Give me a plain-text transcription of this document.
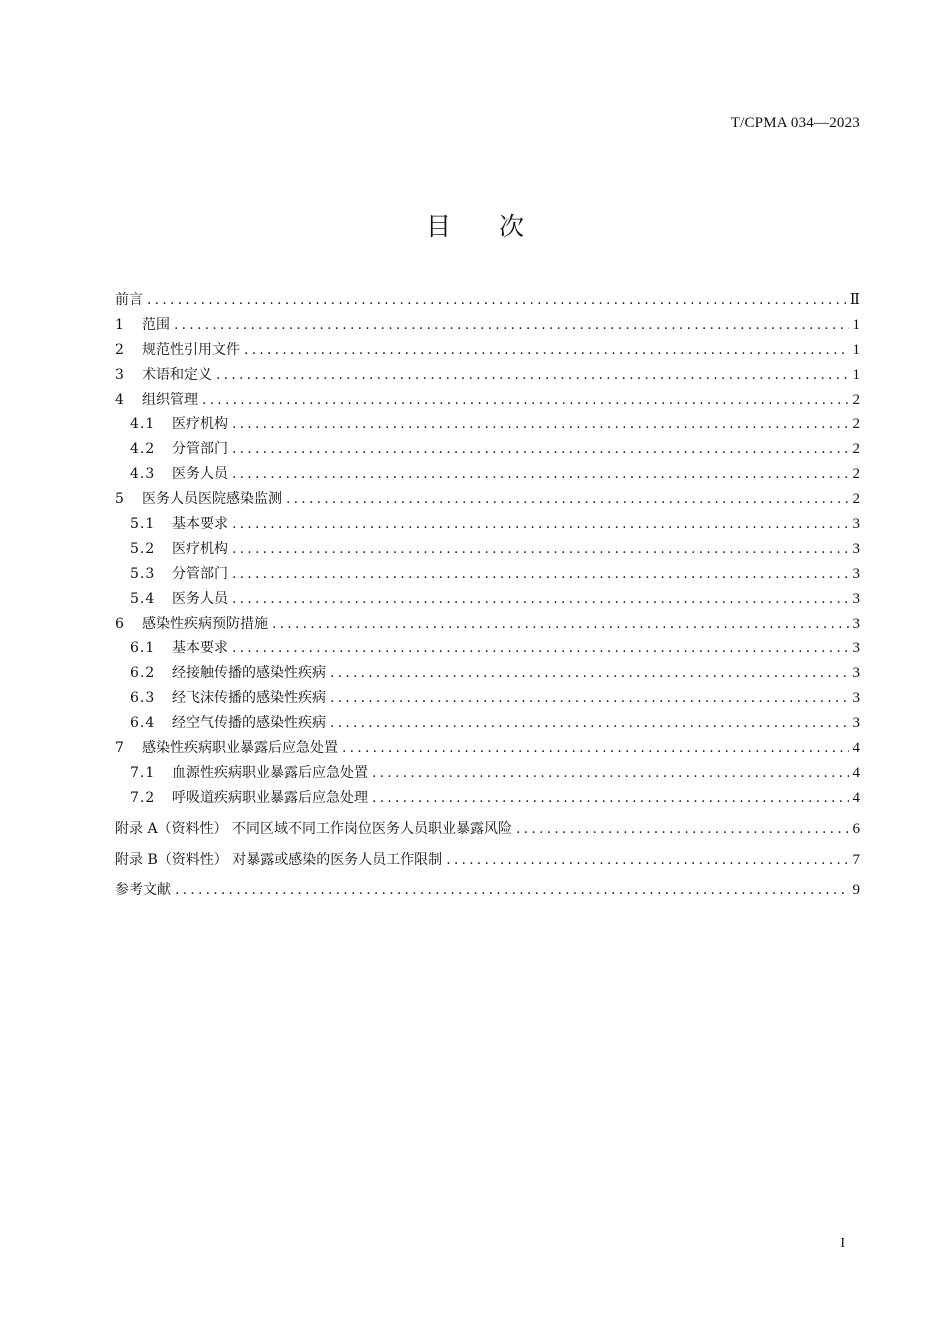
T/CPMA 034—2023
目次
前言 .....	Ⅱ
1	范围 .....	1
2	规范性引用文件 .....	1
3	术语和定义 .....	1
4	组织管理 .....	2
4.1	医疗机构 .....	2
4.2	分管部门 .....	2
4.3	医务人员 .....	2
5	医务人员医院感染监测 .....	2
5.1	基本要求 .....	3
5.2	医疗机构 .....	3
5.3	分管部门 .....	3
5.4	医务人员 .....	3
6	感染性疾病预防措施 .....	3
6.1	基本要求 .....	3
6.2	经接触传播的感染性疾病 .....	3
6.3	经飞沫传播的感染性疾病 .....	3
6.4	经空气传播的感染性疾病 .....	3
7	感染性疾病职业暴露后应急处置 .....	4
7.1	血源性疾病职业暴露后应急处置 .....	4
7.2	呼吸道疾病职业暴露后应急处理 .....	4
附录 A（资料性） 不同区域不同工作岗位医务人员职业暴露风险 .....	6
附录 B（资料性） 对暴露或感染的医务人员工作限制 .....	7
参考文献 .....	9
I
